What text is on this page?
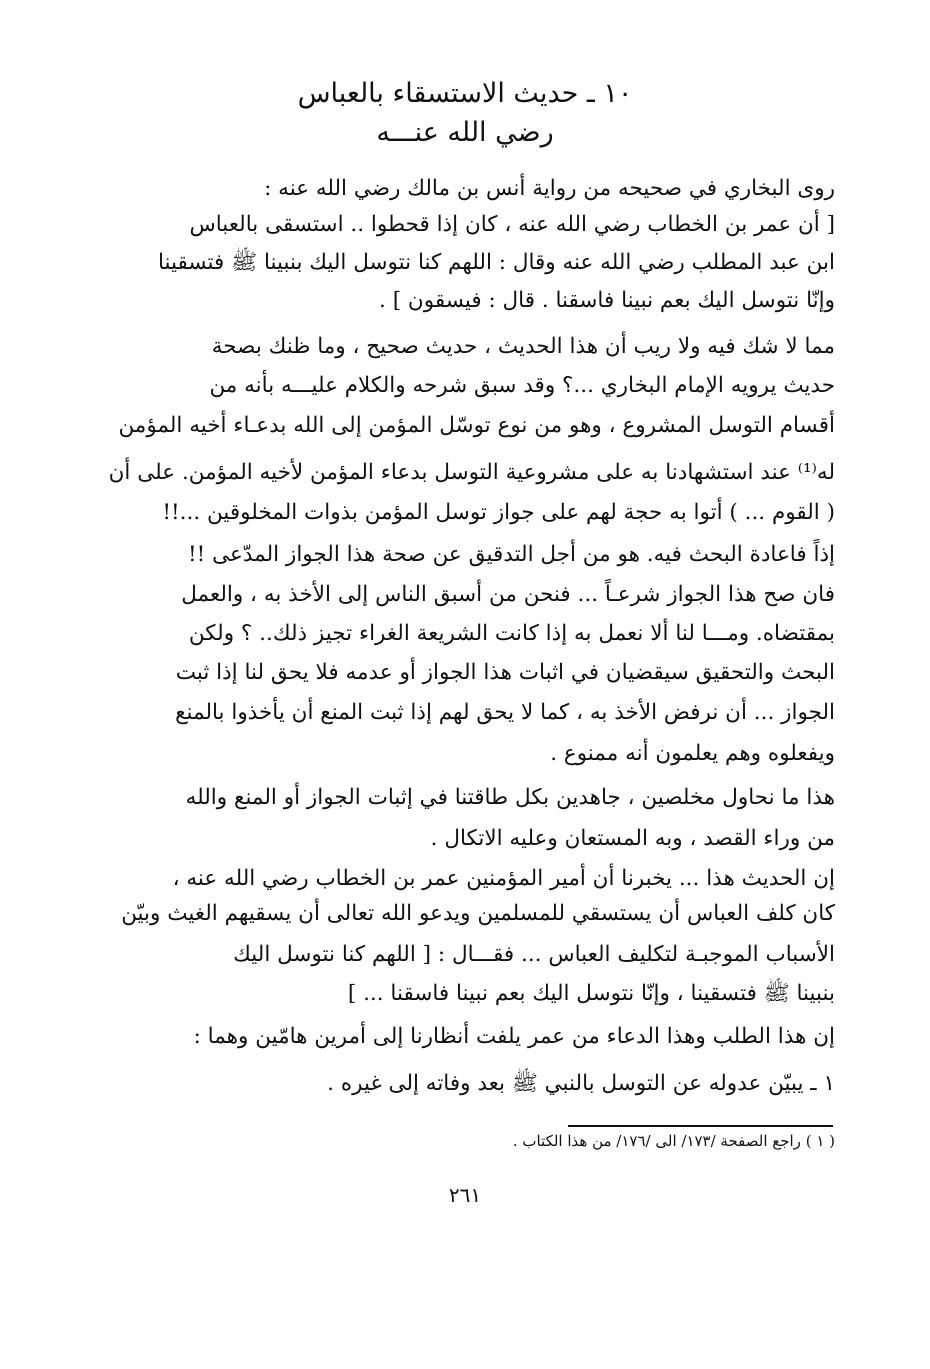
١٠ ـ حديث الاستسقاء بالعباس
رضي الله عنـــه
روى البخاري في صحيحه من رواية أنس بن مالك رضي الله عنه :
[ أن عمر بن الخطاب رضي الله عنه ، كان إذا قحطوا .. استسقى بالعباس
ابن عبد المطلب رضي الله عنه وقال : اللهم كنا نتوسل اليك بنبينا ﷺ فتسقينا
وإنّا نتوسل اليك بعم نبينا فاسقنا . قال : فيسقون ] .
مما لا شك فيه ولا ريب أن هذا الحديث ، حديث صحيح ، وما ظنك بصحة
حديث يرويه الإمام البخاري ...؟ وقد سبق شرحه والكلام عليـــه بأنه من
أقسام التوسل المشروع ، وهو من نوع توسّل المؤمن إلى الله بدعـاء أخيه المؤمن
له⁽¹⁾ عند استشهادنا به على مشروعية التوسل بدعاء المؤمن لأخيه المؤمن. على أن
( القوم ... ) أتوا به حجة لهم على جواز توسل المؤمن بذوات المخلوقين ...!!
إذاً فاعادة البحث فيه. هو من أجل التدقيق عن صحة هذا الجواز المدّعى !!
فان صح هذا الجواز شرعـاً ... فنحن من أسبق الناس إلى الأخذ به ، والعمل
بمقتضاه. ومـــا لنا ألا نعمل به إذا كانت الشريعة الغراء تجيز ذلك.. ؟ ولكن
البحث والتحقيق سيقضيان في اثبات هذا الجواز أو عدمه فلا يحق لنا إذا ثبت
الجواز ... أن نرفض الأخذ به ، كما لا يحق لهم إذا ثبت المنع أن يأخذوا بالمنع
ويفعلوه وهم يعلمون أنه ممنوع .
هذا ما نحاول مخلصين ، جاهدين بكل طاقتنا في إثبات الجواز أو المنع والله
من وراء القصد ، وبه المستعان وعليه الاتكال .
إن الحديث هذا ... يخبرنا أن أمير المؤمنين عمر بن الخطاب رضي الله عنه ،
كان كلف العباس أن يستسقي للمسلمين ويدعو الله تعالى أن يسقيهم الغيث وبيّن
الأسباب الموجبـة لتكليف العباس ... فقـــال : [ اللهم كنا نتوسل اليك
بنبينا ﷺ فتسقينا ، وإنّا نتوسل اليك بعم نبينا فاسقنا ... ]
إن هذا الطلب وهذا الدعاء من عمر يلفت أنظارنا إلى أمرين هامّين وهما :
١ً ـ يبيّن عدوله عن التوسل بالنبي ﷺ بعد وفاته إلى غيره .
( ١ ) راجع الصفحة /١٧٣/ الى /١٧٦/ من هذا الكتاب .
٢٦١
